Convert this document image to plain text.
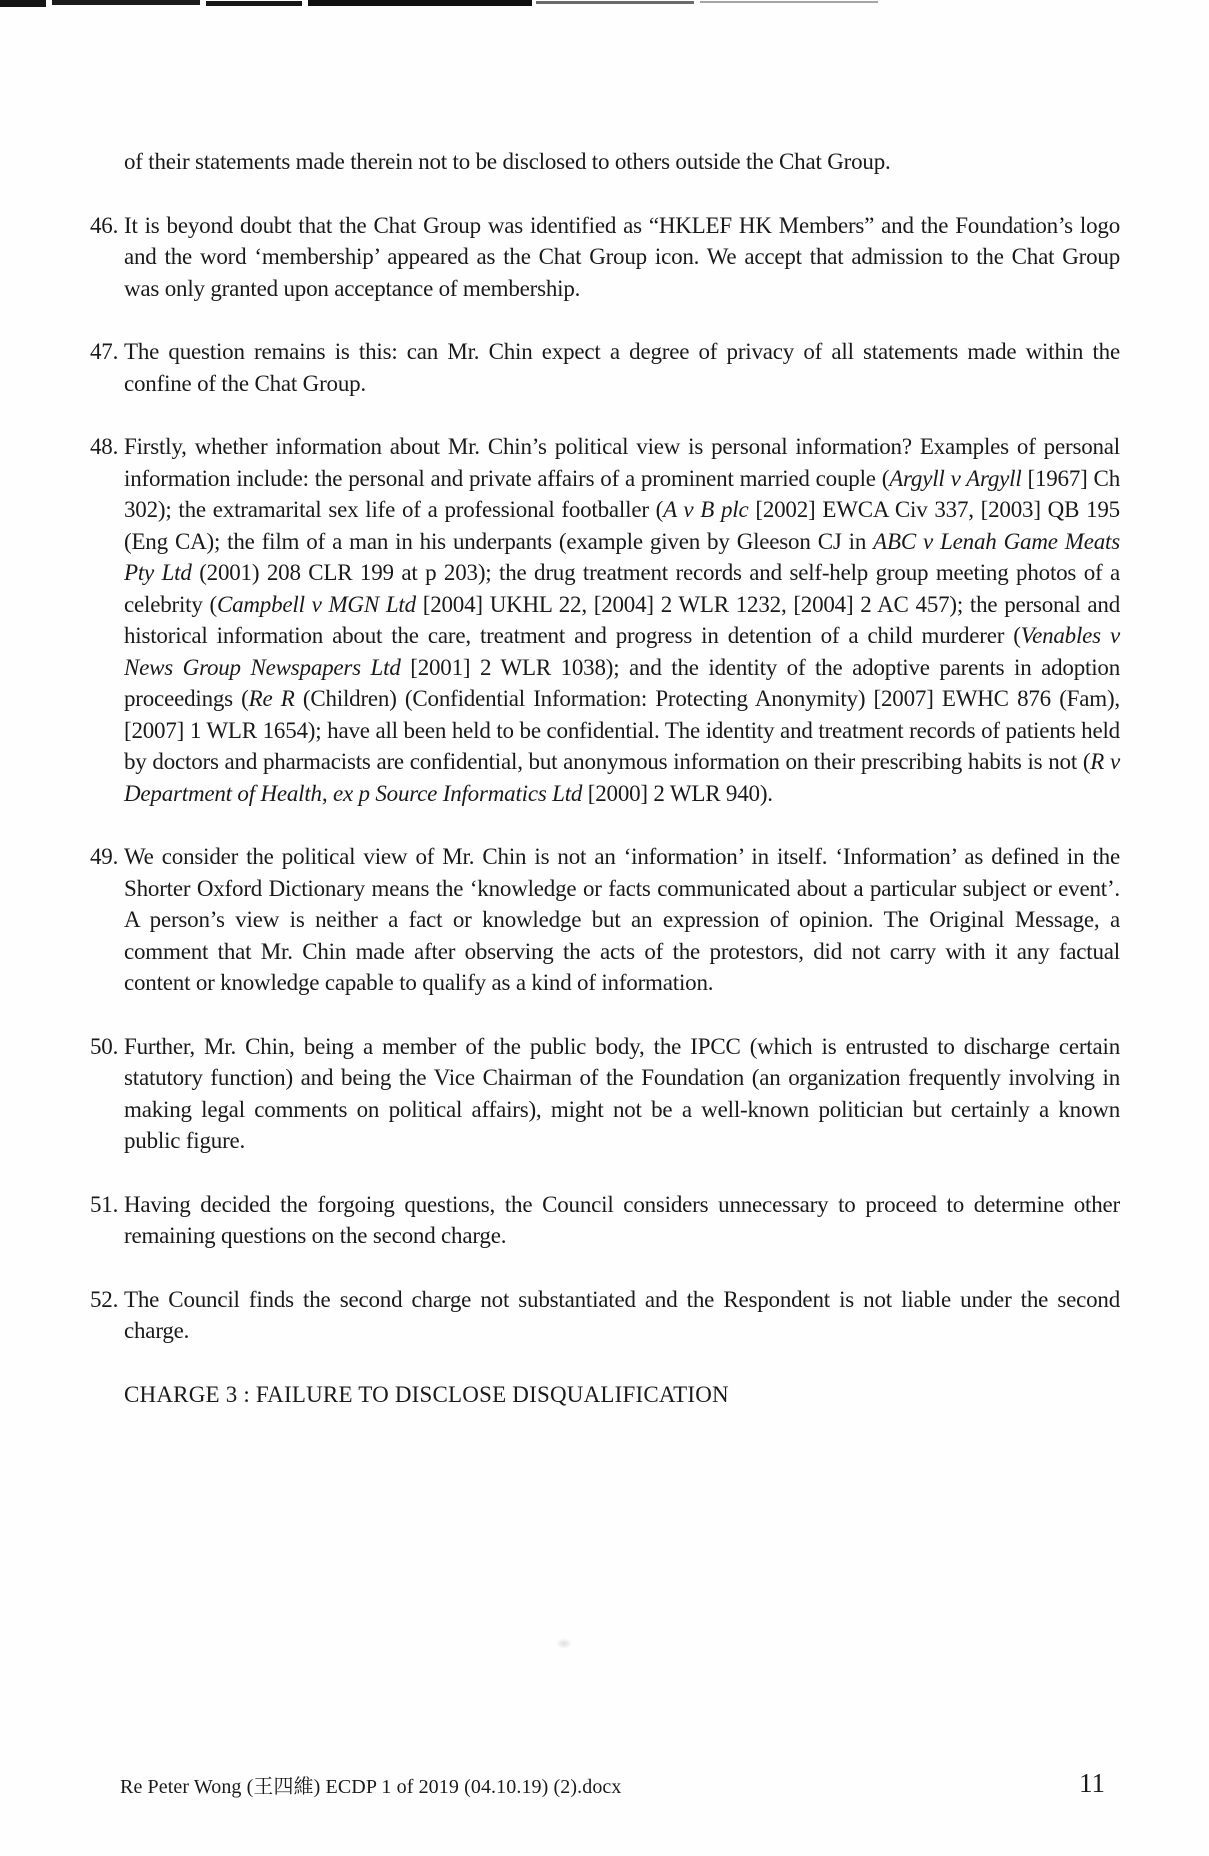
of their statements made therein not to be disclosed to others outside the Chat Group.
46. It is beyond doubt that the Chat Group was identified as “HKLEF HK Members” and the Foundation’s logo and the word ‘membership’ appeared as the Chat Group icon. We accept that admission to the Chat Group was only granted upon acceptance of membership.
47. The question remains is this: can Mr. Chin expect a degree of privacy of all statements made within the confine of the Chat Group.
48. Firstly, whether information about Mr. Chin’s political view is personal information? Examples of personal information include: the personal and private affairs of a prominent married couple (Argyll v Argyll [1967] Ch 302); the extramarital sex life of a professional footballer (A v B plc [2002] EWCA Civ 337, [2003] QB 195 (Eng CA); the film of a man in his underpants (example given by Gleeson CJ in ABC v Lenah Game Meats Pty Ltd (2001) 208 CLR 199 at p 203); the drug treatment records and self-help group meeting photos of a celebrity (Campbell v MGN Ltd [2004] UKHL 22, [2004] 2 WLR 1232, [2004] 2 AC 457); the personal and historical information about the care, treatment and progress in detention of a child murderer (Venables v News Group Newspapers Ltd [2001] 2 WLR 1038); and the identity of the adoptive parents in adoption proceedings (Re R (Children) (Confidential Information: Protecting Anonymity) [2007] EWHC 876 (Fam), [2007] 1 WLR 1654); have all been held to be confidential. The identity and treatment records of patients held by doctors and pharmacists are confidential, but anonymous information on their prescribing habits is not (R v Department of Health, ex p Source Informatics Ltd [2000] 2 WLR 940).
49. We consider the political view of Mr. Chin is not an ‘information’ in itself. ‘Information’ as defined in the Shorter Oxford Dictionary means the ‘knowledge or facts communicated about a particular subject or event’. A person’s view is neither a fact or knowledge but an expression of opinion. The Original Message, a comment that Mr. Chin made after observing the acts of the protestors, did not carry with it any factual content or knowledge capable to qualify as a kind of information.
50. Further, Mr. Chin, being a member of the public body, the IPCC (which is entrusted to discharge certain statutory function) and being the Vice Chairman of the Foundation (an organization frequently involving in making legal comments on political affairs), might not be a well-known politician but certainly a known public figure.
51. Having decided the forgoing questions, the Council considers unnecessary to proceed to determine other remaining questions on the second charge.
52. The Council finds the second charge not substantiated and the Respondent is not liable under the second charge.
CHARGE 3 : FAILURE TO DISCLOSE DISQUALIFICATION
Re Peter Wong (王四維) ECDP 1 of 2019 (04.10.19) (2).docx	11
